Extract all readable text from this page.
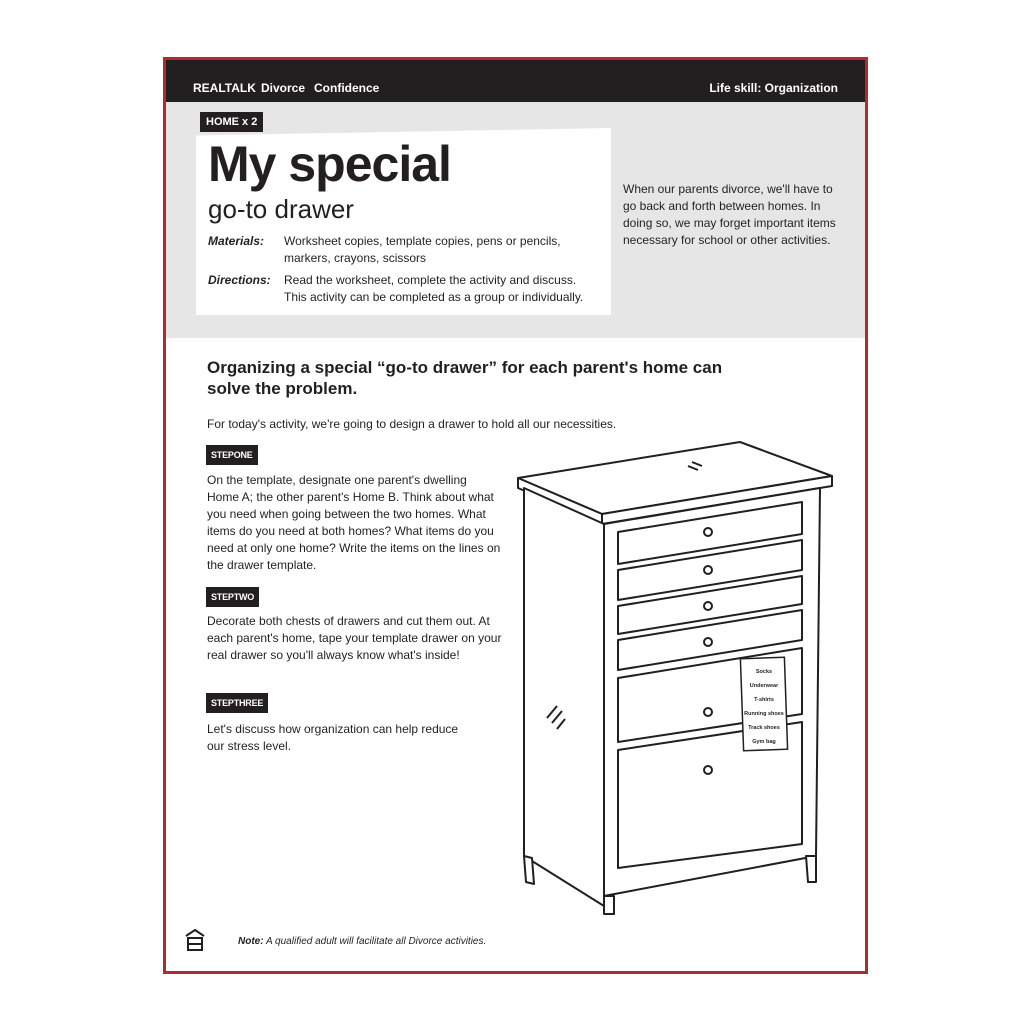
REALTALK Divorce Confidence	Life skill: Organization
HOME x 2
My special
go-to drawer
Materials: Worksheet copies, template copies, pens or pencils, markers, crayons, scissors
Directions: Read the worksheet, complete the activity and discuss. This activity can be completed as a group or individually.
When our parents divorce, we'll have to go back and forth between homes. In doing so, we may forget important items necessary for school or other activities.
Organizing a special “go-to drawer” for each parent's home can solve the problem.
For today's activity, we're going to design a drawer to hold all our necessities.
STEPONE
On the template, designate one parent's dwelling Home A; the other parent's Home B. Think about what you need when going between the two homes. What items do you need at both homes? What items do you need at only one home? Write the items on the lines on the drawer template.
STEPTWO
Decorate both chests of drawers and cut them out. At each parent's home, tape your template drawer on your real drawer so you'll always know what's inside!
STEPTHREE
Let's discuss how organization can help reduce our stress level.
Socks
Underwear
T-shirts
Running shoes
Track shoes
Gym bag
Note: A qualified adult will facilitate all Divorce activities.
